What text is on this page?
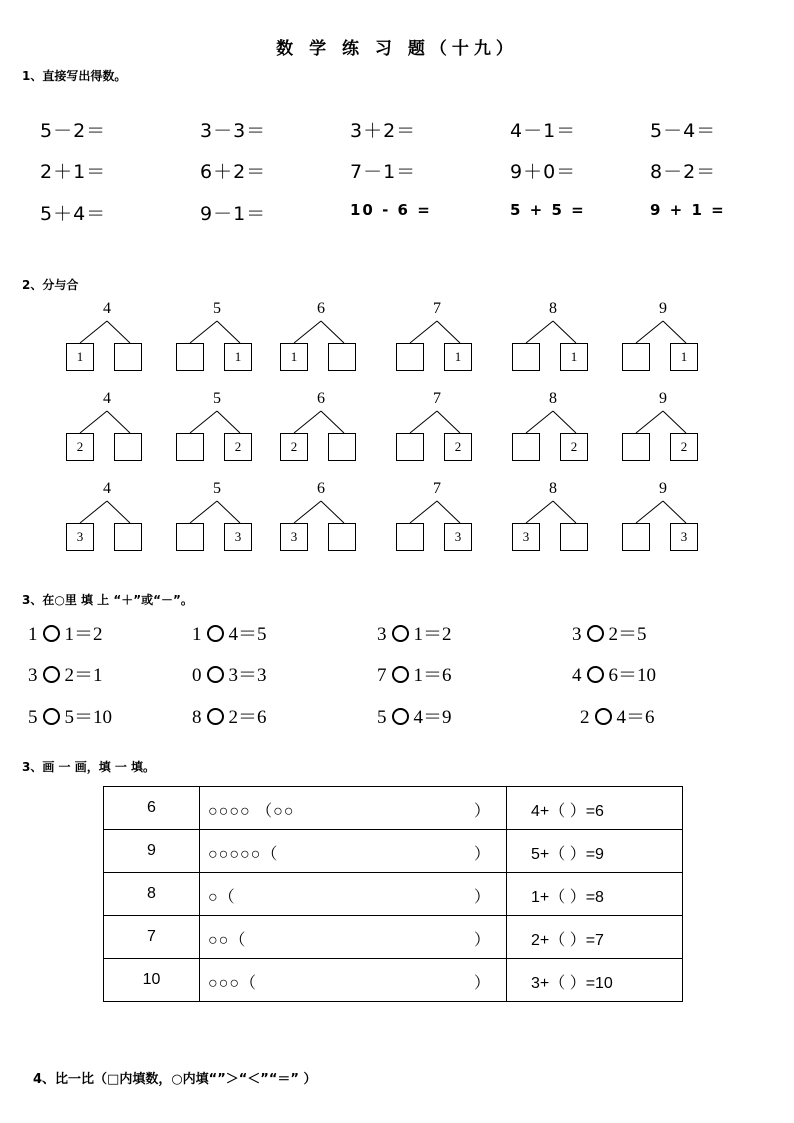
数 学 练 习 题（十九）
1、直接写出得数。
5－2＝	3－3＝	3＋2＝	4－1＝	5－4＝
2＋1＝	6＋2＝	7－1＝	9＋0＝	8－2＝
5＋4＝	9－1＝	10 - 6 =	5 + 5 =	9 + 1 =
2、分与合
4
1
5
1
6
1
7
1
8
1
9
1
4
2
5
2
6
2
7
2
8
2
9
2
4
3
5
3
6
3
7
3
8
3
9
3
3、在○里 填 上 “＋”或“－”。
1 1＝2	1 4＝5	3 1＝2	3 2＝5
3 2＝1	0 3＝3	7 1＝6	4 6＝10
5 5＝10	8 2＝6	5 4＝9	2 4＝6
3、画 一 画，填 一 填。
6	○○○○ （○○ ）	4+（ ）=6

9	○○○○○（ ）	5+（ ）=9

8	○（ ）	1+（ ）=8

7	○○（ ）	2+（ ）=7

10	○○○（ ）	3+（ ）=10
4、比一比（□内填数，○内填“”＞“＜”“＝” ）
